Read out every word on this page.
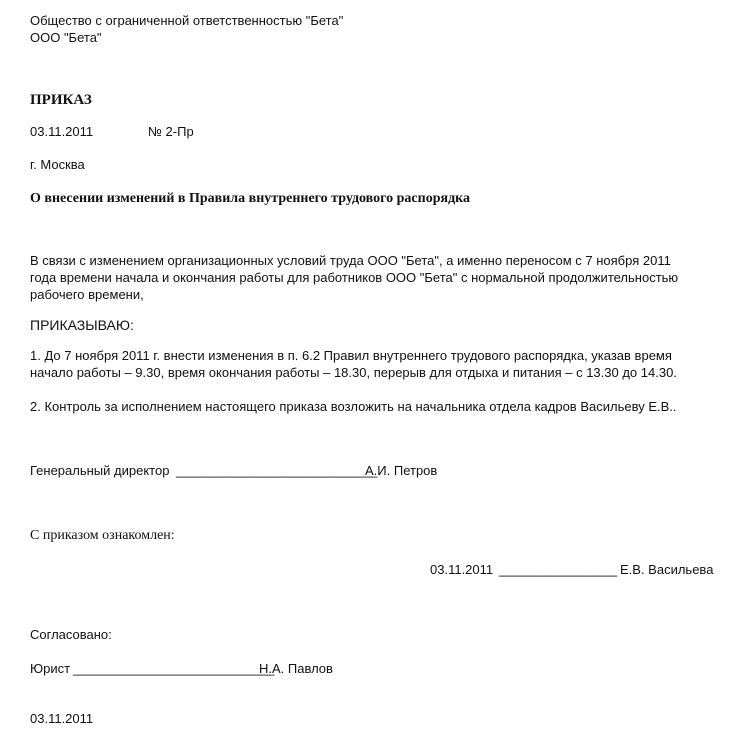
Общество с ограниченной ответственностью "Бета"
ООО "Бета"
ПРИКАЗ
03.11.2011	№ 2-Пр
г. Москва
О внесении изменений в Правила внутреннего трудового распорядка
В связи с изменением организационных условий труда ООО "Бета", а именно переносом с 7 ноября 2011
года времени начала и окончания работы для работников ООО "Бета" с нормальной продолжительностью
рабочего времени,
ПРИКАЗЫВАЮ:
1. До 7 ноября 2011 г. внести изменения в п. 6.2 Правил внутреннего трудового распорядка, указав время
начало работы – 9.30, время окончания работы – 18.30, перерыв для отдыха и питания – с 13.30 до 14.30.
2. Контроль за исполнением настоящего приказа возложить на начальника отдела кадров Васильеву Е.В..
Генеральный директор _____________________________
А.И. Петров
С приказом ознакомлен:
03.11.2011 _________________ Е.В. Васильева
Согласовано:
Юрист _____________________________
Н.А. Павлов
03.11.2011
